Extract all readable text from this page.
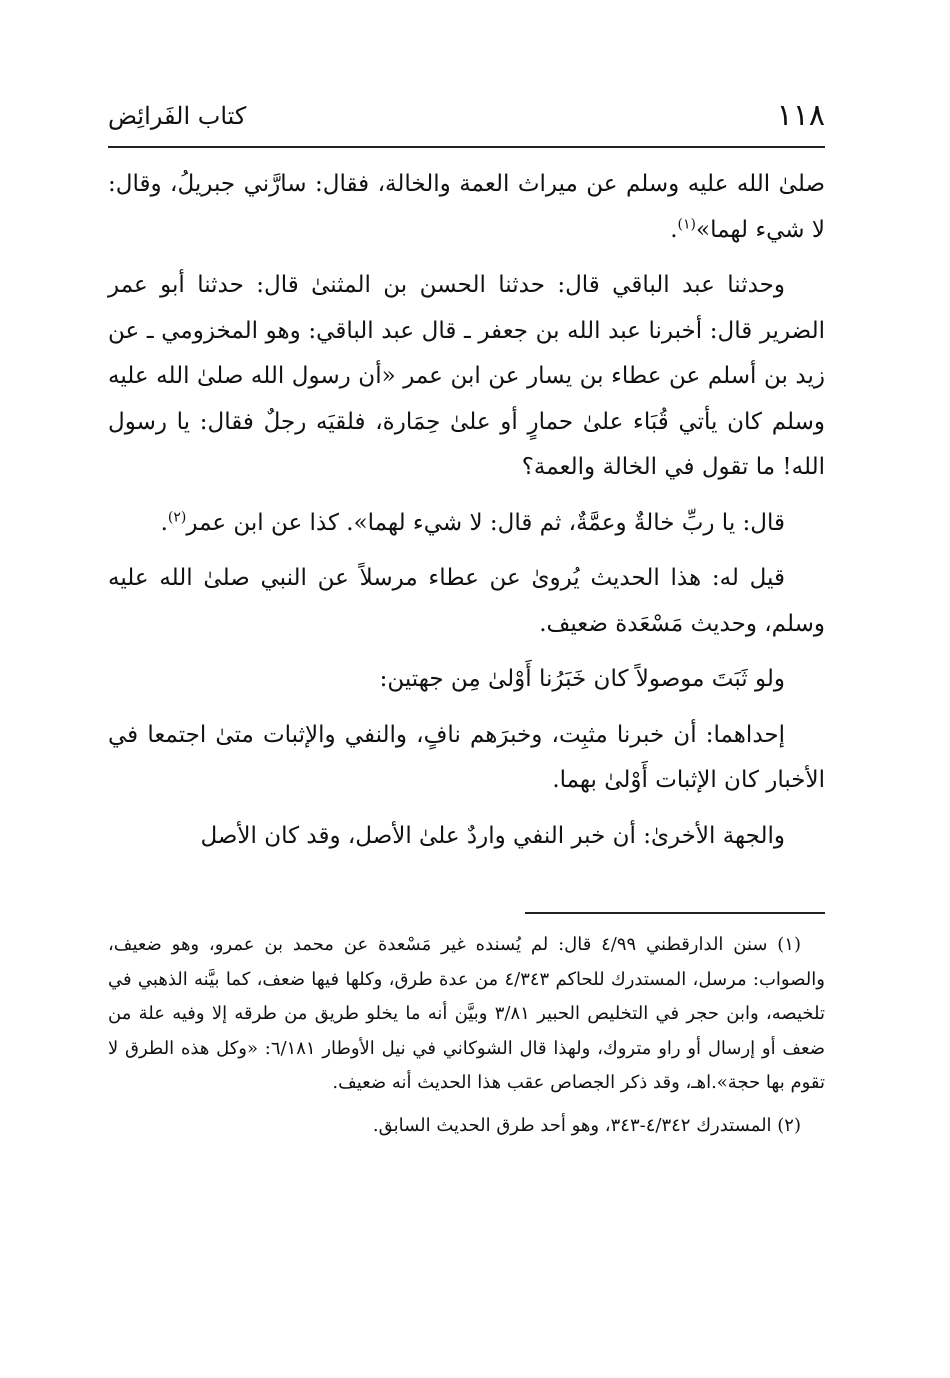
١١٨
كتاب الفَرائِض

صلىٰ الله عليه وسلم عن ميراث العمة والخالة، فقال: سارَّني جبريلُ، وقال: لا شيء لهما»$^{(١)}$.

وحدثنا عبد الباقي قال: حدثنا الحسن بن المثنىٰ قال: حدثنا أبو عمر الضرير قال: أخبرنا عبد الله بن جعفر ـ قال عبد الباقي: وهو المخزومي ـ عن زيد بن أسلم عن عطاء بن يسار عن ابن عمر «أن رسول الله صلىٰ الله عليه وسلم كان يأتي قُبَاء علىٰ حمارٍ أو علىٰ حِمَارة، فلقيَه رجلٌ فقال: يا رسول الله! ما تقول في الخالة والعمة؟

قال: يا ربِّ خالةٌ وعمَّةٌ، ثم قال: لا شيء لهما». كذا عن ابن عمر$^{(٢)}$.

قيل له: هذا الحديث يُروىٰ عن عطاء مرسلاً عن النبي صلىٰ الله عليه وسلم، وحديث مَسْعَدة ضعيف.

ولو ثَبَتَ موصولاً كان خَبَرُنا أَوْلىٰ مِن جهتين:

إحداهما: أن خبرنا مثبِت، وخبرَهم نافٍ، والنفي والإثبات متىٰ اجتمعا في الأخبار كان الإثبات أَوْلىٰ بهما.

والجهة الأخرىٰ: أن خبر النفي واردٌ علىٰ الأصل، وقد كان الأصل

(١) سنن الدارقطني ٤/٩٩ قال: لم يُسنده غير مَسْعدة عن محمد بن عمرو، وهو ضعيف، والصواب: مرسل، المستدرك للحاكم ٤/٣٤٣ من عدة طرق، وكلها فيها ضعف، كما بيَّنه الذهبي في تلخيصه، وابن حجر في التخليص الحبير ٣/٨١ وبيَّن أنه ما يخلو طريق من طرقه إلا وفيه علة من ضعف أو إرسال أو راو متروك، ولهذا قال الشوكاني في نيل الأوطار ٦/١٨١: «وكل هذه الطرق لا تقوم بها حجة».اهـ، وقد ذكر الجصاص عقب هذا الحديث أنه ضعيف.

(٢) المستدرك ٤/٣٤٢-٣٤٣، وهو أحد طرق الحديث السابق.
